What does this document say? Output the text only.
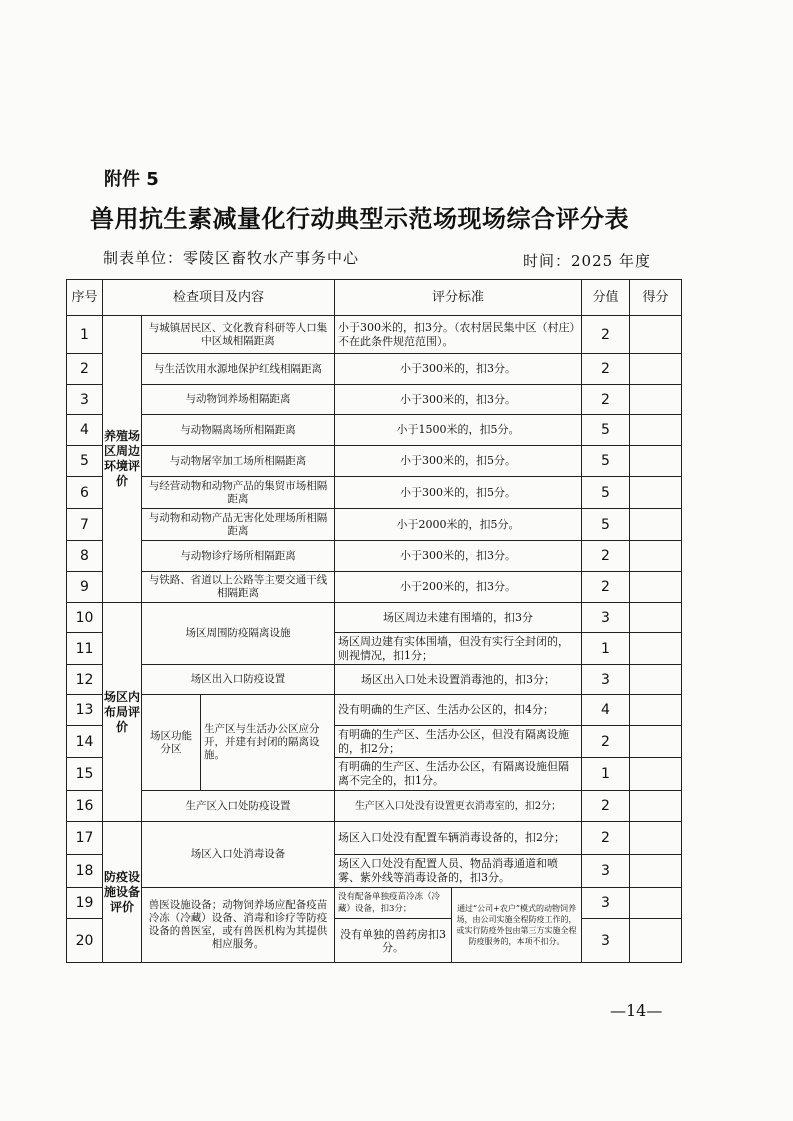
附件 5
兽用抗生素减量化行动典型示范场现场综合评分表
制表单位：零陵区畜牧水产事务中心	时间：2025 年度
序号	检查项目及内容			评分标准		分值	得分
1	养殖场区周边环境评价	与城镇居民区、文化教育科研等人口集中区域相隔距离		小于300米的，扣3分。（农村居民集中区（村庄）不在此条件规范范围）。		2	
2		与生活饮用水源地保护红线相隔距离		小于300米的，扣3分。		2	
3		与动物饲养场相隔距离		小于300米的，扣3分。		2	
4		与动物隔离场所相隔距离		小于1500米的，扣5分。		5	
5		与动物屠宰加工场所相隔距离		小于300米的，扣5分。		5	
6		与经营动物和动物产品的集贸市场相隔距离		小于300米的，扣5分。		5	
7		与动物和动物产品无害化处理场所相隔距离		小于2000米的，扣5分。		5	
8		与动物诊疗场所相隔距离		小于300米的，扣3分。		2	
9		与铁路、省道以上公路等主要交通干线相隔距离		小于200米的，扣3分。		2	
10	场区内布局评价	场区周围防疫隔离设施		场区周边未建有围墙的，扣3分		3	
11				场区周边建有实体围墙，但没有实行全封闭的，则视情况，扣1分；		1	
12		场区出入口防疫设置		场区出入口处未设置消毒池的，扣3分；		3	
13		场区功能分区	生产区与生活办公区应分开，并建有封闭的隔离设施。	没有明确的生产区、生活办公区的，扣4分；		4	
14				有明确的生产区、生活办公区，但没有隔离设施的，扣2分；		2	
15				有明确的生产区、生活办公区，有隔离设施但隔离不完全的，扣1分。		1	
16		生产区入口处防疫设置		生产区入口处没有设置更衣消毒室的，扣2分；		2	
17	防疫设施设备评价	场区入口处消毒设备		场区入口处没有配置车辆消毒设备的，扣2分；		2	
18				场区入口处没有配置人员、物品消毒通道和喷雾、紫外线等消毒设备的，扣3分。		3	
19		兽医设施设备；动物饲养场应配备疫苗冷冻（冷藏）设备、消毒和诊疗等防疫设备的兽医室，或有兽医机构为其提供相应服务。		没有配备单独疫苗冷冻（冷藏）设备，扣3分；	通过“公司+农户”模式的动物饲养场，由公司实施全程防疫工作的，或实行防疫外包由第三方实施全程防疫服务的，本项不扣分。	3	
20				没有单独的兽药房扣3分。		3	
—14—
